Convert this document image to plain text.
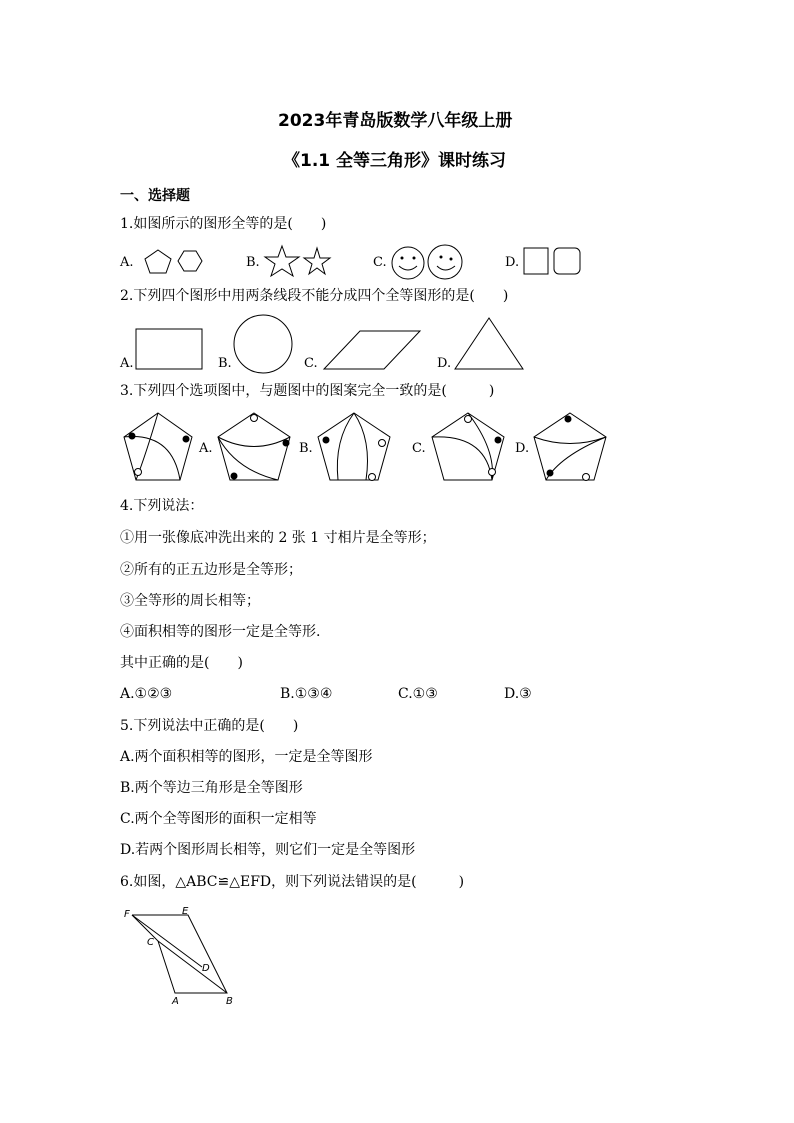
2023年青岛版数学八年级上册
《1.1 全等三角形》课时练习
一、选择题
1.如图所示的图形全等的是(　　)
A.	B.	C.	D.
2.下列四个图形中用两条线段不能分成四个全等图形的是(　　)
A.	B.	C.	D.
3.下列四个选项图中，与题图中的图案完全一致的是(　　　)
A.	B.	C.	D.
4.下列说法：
①用一张像底冲洗出来的 2 张 1 寸相片是全等形；
②所有的正五边形是全等形；
③全等形的周长相等；
④面积相等的图形一定是全等形.
其中正确的是(　　)
A.①②③	B.①③④	C.①③	D.③
5.下列说法中正确的是(　　)
A.两个面积相等的图形，一定是全等图形
B.两个等边三角形是全等图形
C.两个全等图形的面积一定相等
D.若两个图形周长相等，则它们一定是全等图形
6.如图，△ABC≌△EFD，则下列说法错误的是(　　　)
F	E
C
D
A	B
